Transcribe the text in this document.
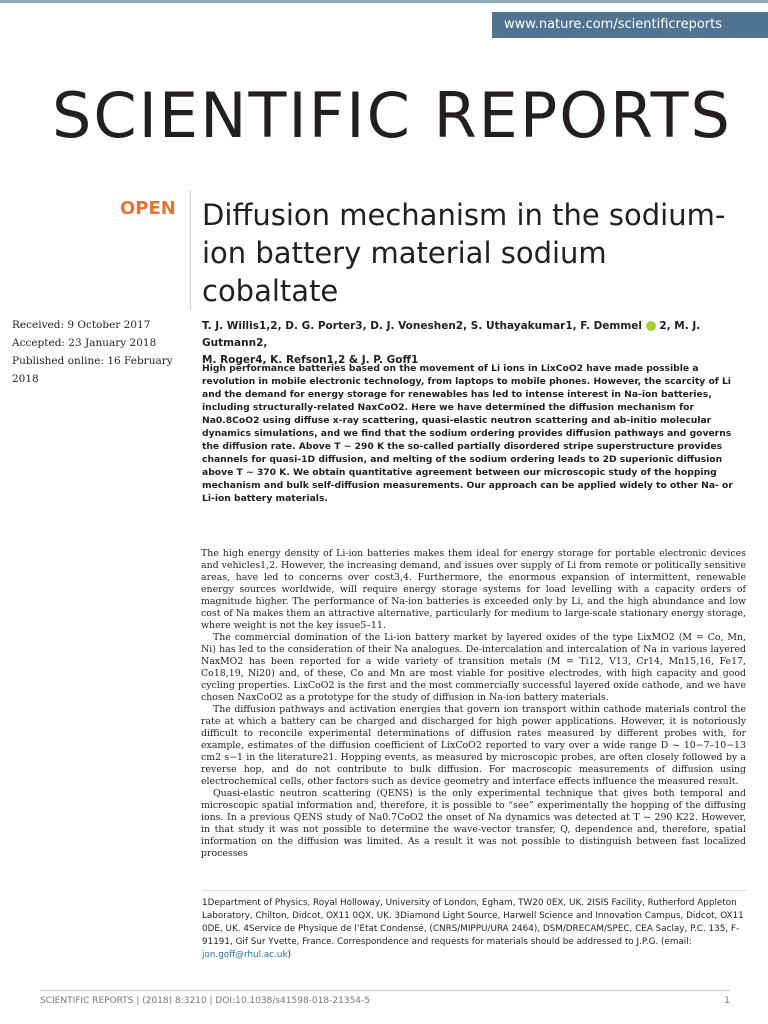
www.nature.com/scientificreports
SCIENTIFIC REPORTS
OPEN Diffusion mechanism in the sodium-ion battery material sodium cobaltate
Received: 9 October 2017
Accepted: 23 January 2018
Published online: 16 February 2018
T. J. Willis1,2, D. G. Porter3, D. J. Voneshen2, S. Uthayakumar1, F. Demmel 2, M. J. Gutmann2,
M. Roger4, K. Refson1,2 & J. P. Goff1
High performance batteries based on the movement of Li ions in LixCoO2 have made possible a revolution in mobile electronic technology, from laptops to mobile phones. However, the scarcity of Li and the demand for energy storage for renewables has led to intense interest in Na-ion batteries, including structurally-related NaxCoO2. Here we have determined the diffusion mechanism for Na0.8CoO2 using diffuse x-ray scattering, quasi-elastic neutron scattering and ab-initio molecular dynamics simulations, and we find that the sodium ordering provides diffusion pathways and governs the diffusion rate. Above T ~ 290 K the so-called partially disordered stripe superstructure provides channels for quasi-1D diffusion, and melting of the sodium ordering leads to 2D superionic diffusion above T ~ 370 K. We obtain quantitative agreement between our microscopic study of the hopping mechanism and bulk self-diffusion measurements. Our approach can be applied widely to other Na- or Li-ion battery materials.

The high energy density of Li-ion batteries makes them ideal for energy storage for portable electronic devices and vehicles1,2. However, the increasing demand, and issues over supply of Li from remote or politically sensitive areas, have led to concerns over cost3,4. Furthermore, the enormous expansion of intermittent, renewable energy sources worldwide, will require energy storage systems for load levelling with a capacity orders of magnitude higher. The performance of Na-ion batteries is exceeded only by Li, and the high abundance and low cost of Na makes them an attractive alternative, particularly for medium to large-scale stationary energy storage, where weight is not the key issue5–11.

The commercial domination of the Li-ion battery market by layered oxides of the type LixMO2 (M = Co, Mn, Ni) has led to the consideration of their Na analogues. De-intercalation and intercalation of Na in various layered NaxMO2 has been reported for a wide variety of transition metals (M = Ti12, V13, Cr14, Mn15,16, Fe17, Co18,19, Ni20) and, of these, Co and Mn are most viable for positive electrodes, with high capacity and good cycling properties. LixCoO2 is the first and the most commercially successful layered oxide cathode, and we have chosen NaxCoO2 as a prototype for the study of diffusion in Na-ion battery materials.

The diffusion pathways and activation energies that govern ion transport within cathode materials control the rate at which a battery can be charged and discharged for high power applications. However, it is notoriously difficult to reconcile experimental determinations of diffusion rates measured by different probes with, for example, estimates of the diffusion coefficient of LixCoO2 reported to vary over a wide range D ~ 10−7–10−13 cm2 s−1 in the literature21. Hopping events, as measured by microscopic probes, are often closely followed by a reverse hop, and do not contribute to bulk diffusion. For macroscopic measurements of diffusion using electrochemical cells, other factors such as device geometry and interface effects influence the measured result.

Quasi-elastic neutron scattering (QENS) is the only experimental technique that gives both temporal and microscopic spatial information and, therefore, it is possible to “see” experimentally the hopping of the diffusing ions. In a previous QENS study of Na0.7CoO2 the onset of Na dynamics was detected at T ~ 290 K22. However, in that study it was not possible to determine the wave-vector transfer, Q, dependence and, therefore, spatial information on the diffusion was limited. As a result it was not possible to distinguish between fast localized processes

1Department of Physics, Royal Holloway, University of London, Egham, TW20 0EX, UK. 2ISIS Facility, Rutherford Appleton Laboratory, Chilton, Didcot, OX11 0QX, UK. 3Diamond Light Source, Harwell Science and Innovation Campus, Didcot, OX11 0DE, UK. 4Service de Physique de l’Etat Condensé, (CNRS/MIPPU/URA 2464), DSM/DRECAM/SPEC, CEA Saclay, P.C. 135, F-91191, Gif Sur Yvette, France. Correspondence and requests for materials should be addressed to J.P.G. (email: jon.goff@rhul.ac.uk)
SCIENTIFIC REPORTS | (2018) 8:3210 | DOI:10.1038/s41598-018-21354-5	1
